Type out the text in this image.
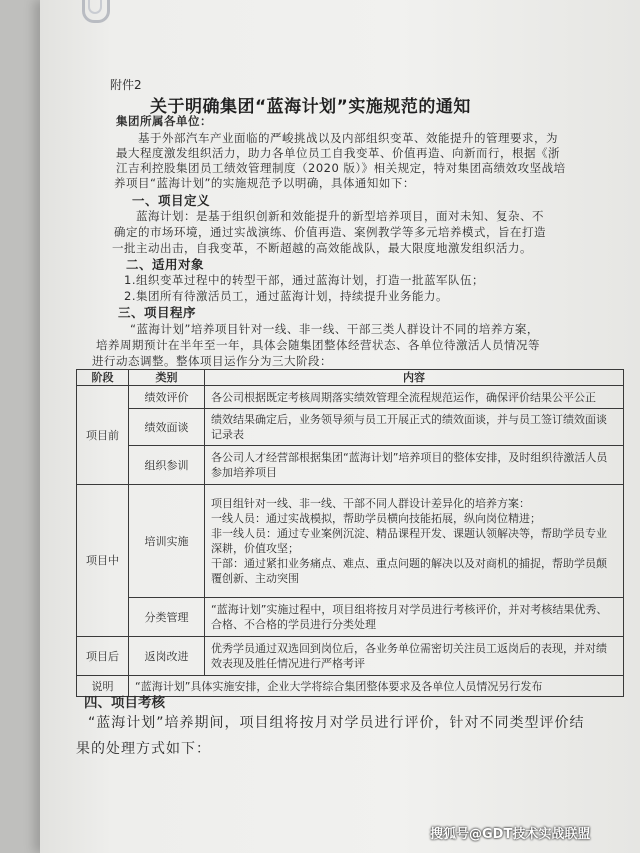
附件2
关于明确集团“蓝海计划”实施规范的通知
集团所属各单位：
基于外部汽车产业面临的严峻挑战以及内部组织变革、效能提升的管理要求，为
最大程度激发组织活力，助力各单位员工自我变革、价值再造、向新而行，根据《浙
江吉利控股集团员工绩效管理制度（2020 版）》相关规定，特对集团高绩效攻坚战培
养项目“蓝海计划”的实施规范予以明确，具体通知如下：
一、项目定义
蓝海计划：是基于组织创新和效能提升的新型培养项目，面对未知、复杂、不
确定的市场环境，通过实战演练、价值再造、案例教学等多元培养模式，旨在打造
一批主动出击，自我变革，不断超越的高效能战队，最大限度地激发组织活力。
二、适用对象
1.组织变革过程中的转型干部，通过蓝海计划，打造一批蓝军队伍；
2.集团所有待激活员工，通过蓝海计划，持续提升业务能力。
三、项目程序
“蓝海计划”培养项目针对一线、非一线、干部三类人群设计不同的培养方案，
培养周期预计在半年至一年，具体会随集团整体经营状态、各单位待激活人员情况等
进行动态调整。整体项目运作分为三大阶段：
阶段	类别	内容
项目前	绩效评价	各公司根据既定考核周期落实绩效管理全流程规范运作，确保评价结果公平公正
	绩效面谈	绩效结果确定后，业务领导须与员工开展正式的绩效面谈，并与员工签订绩效面谈记录表
	组织参训	各公司人才经营部根据集团“蓝海计划”培养项目的整体安排，及时组织待激活人员参加培养项目
项目中	培训实施	项目组针对一线、非一线、干部不同人群设计差异化的培养方案：
一线人员：通过实战模拟，帮助学员横向技能拓展，纵向岗位精进；
非一线人员：通过专业案例沉淀、精品课程开发、课题认领解决等，帮助学员专业深耕，价值攻坚；
干部：通过紧扣业务痛点、难点、重点问题的解决以及对商机的捕捉，帮助学员颠覆创新、主动突围

	分类管理	“蓝海计划”实施过程中，项目组将按月对学员进行考核评价，并对考核结果优秀、合格、不合格的学员进行分类处理
项目后	返岗改进	优秀学员通过双选回到岗位后，各业务单位需密切关注员工返岗后的表现，并对绩效表现及胜任情况进行严格考评
说明	“蓝海计划”具体实施安排，企业大学将综合集团整体要求及各单位人员情况另行发布	
四、项目考核
“蓝海计划”培养期间，项目组将按月对学员进行评价，针对不同类型评价结
果的处理方式如下：
搜狐号@GDT技术实战联盟
